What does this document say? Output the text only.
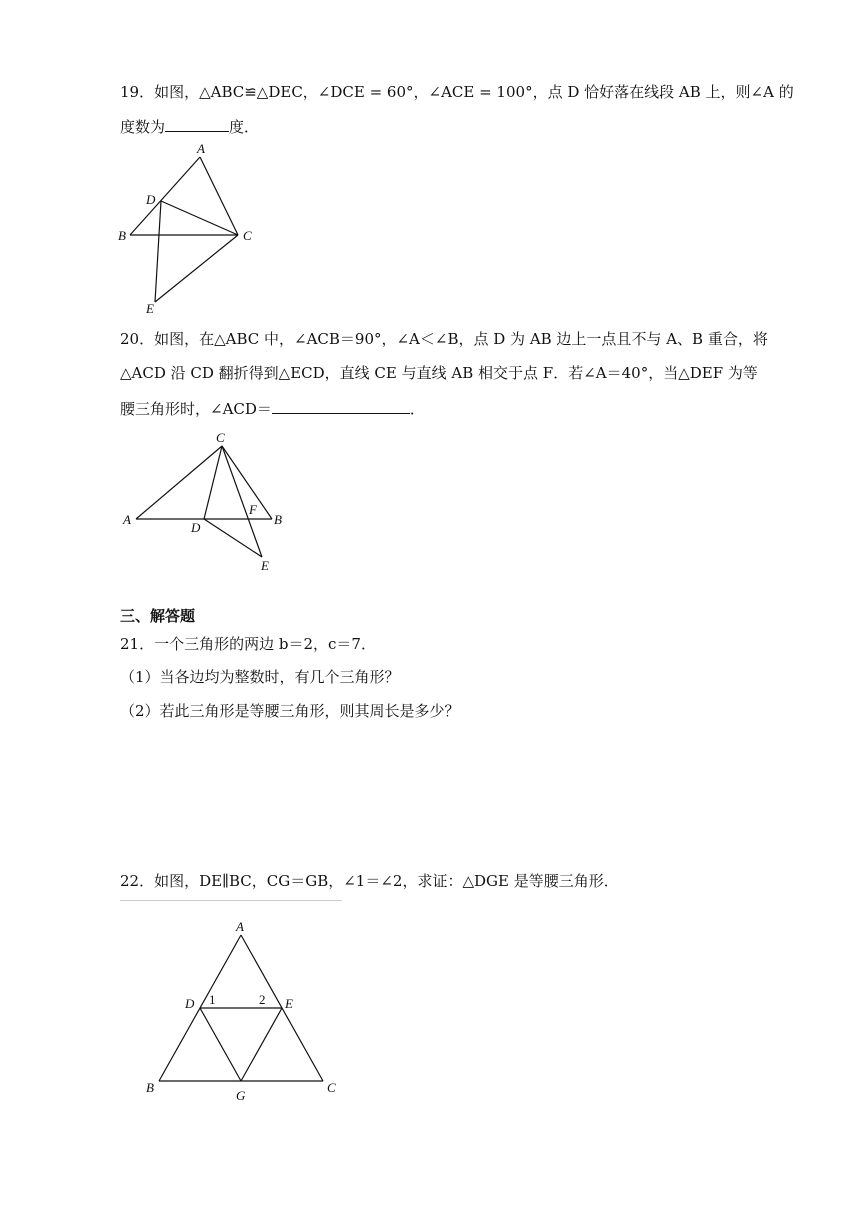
19．如图，△ABC≌△DEC，∠DCE = 60°，∠ACE = 100°，点 D 恰好落在线段 AB 上，则∠A 的
度数为	度．
A
B	C
D
E
A	B
C
D
E
F
A
B	C
D	E
G
1	2
20．如图，在△ABC 中，∠ACB＝90°，∠A＜∠B，点 D 为 AB 边上一点且不与 A、B 重合，将
△ACD 沿 CD 翻折得到△ECD，直线 CE 与直线 AB 相交于点 F．若∠A＝40°，当△DEF 为等
腰三角形时，∠ACD＝	．
三、解答题
21．一个三角形的两边 b＝2，c＝7．
（1）当各边均为整数时，有几个三角形？
（2）若此三角形是等腰三角形，则其周长是多少？
22．如图，DE∥BC，CG＝GB，∠1＝∠2，求证：△DGE 是等腰三角形．
